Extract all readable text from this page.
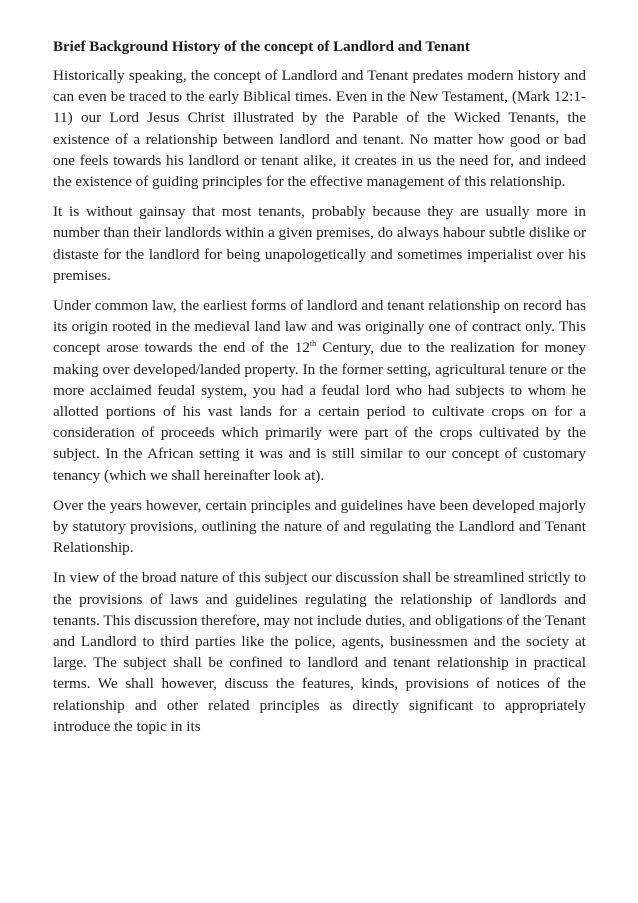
Brief Background History of the concept of Landlord and Tenant

Historically speaking, the concept of Landlord and Tenant predates modern history and can even be traced to the early Biblical times. Even in the New Testament, (Mark 12:1-11) our Lord Jesus Christ illustrated by the Parable of the Wicked Tenants, the existence of a relationship between landlord and tenant. No matter how good or bad one feels towards his landlord or tenant alike, it creates in us the need for, and indeed the existence of guiding principles for the effective management of this relationship.

It is without gainsay that most tenants, probably because they are usually more in number than their landlords within a given premises, do always habour subtle dislike or distaste for the landlord for being unapologetically and sometimes imperialist over his premises.

Under common law, the earliest forms of landlord and tenant relationship on record has its origin rooted in the medieval land law and was originally one of contract only. This concept arose towards the end of the 12th Century, due to the realization for money making over developed/landed property. In the former setting, agricultural tenure or the more acclaimed feudal system, you had a feudal lord who had subjects to whom he allotted portions of his vast lands for a certain period to cultivate crops on for a consideration of proceeds which primarily were part of the crops cultivated by the subject. In the African setting it was and is still similar to our concept of customary tenancy (which we shall hereinafter look at).

Over the years however, certain principles and guidelines have been developed majorly by statutory provisions, outlining the nature of and regulating the Landlord and Tenant Relationship.

In view of the broad nature of this subject our discussion shall be streamlined strictly to the provisions of laws and guidelines regulating the relationship of landlords and tenants. This discussion therefore, may not include duties, and obligations of the Tenant and Landlord to third parties like the police, agents, businessmen and the society at large. The subject shall be confined to landlord and tenant relationship in practical terms. We shall however, discuss the features, kinds, provisions of notices of the relationship and other related principles as directly significant to appropriately introduce the topic in its
